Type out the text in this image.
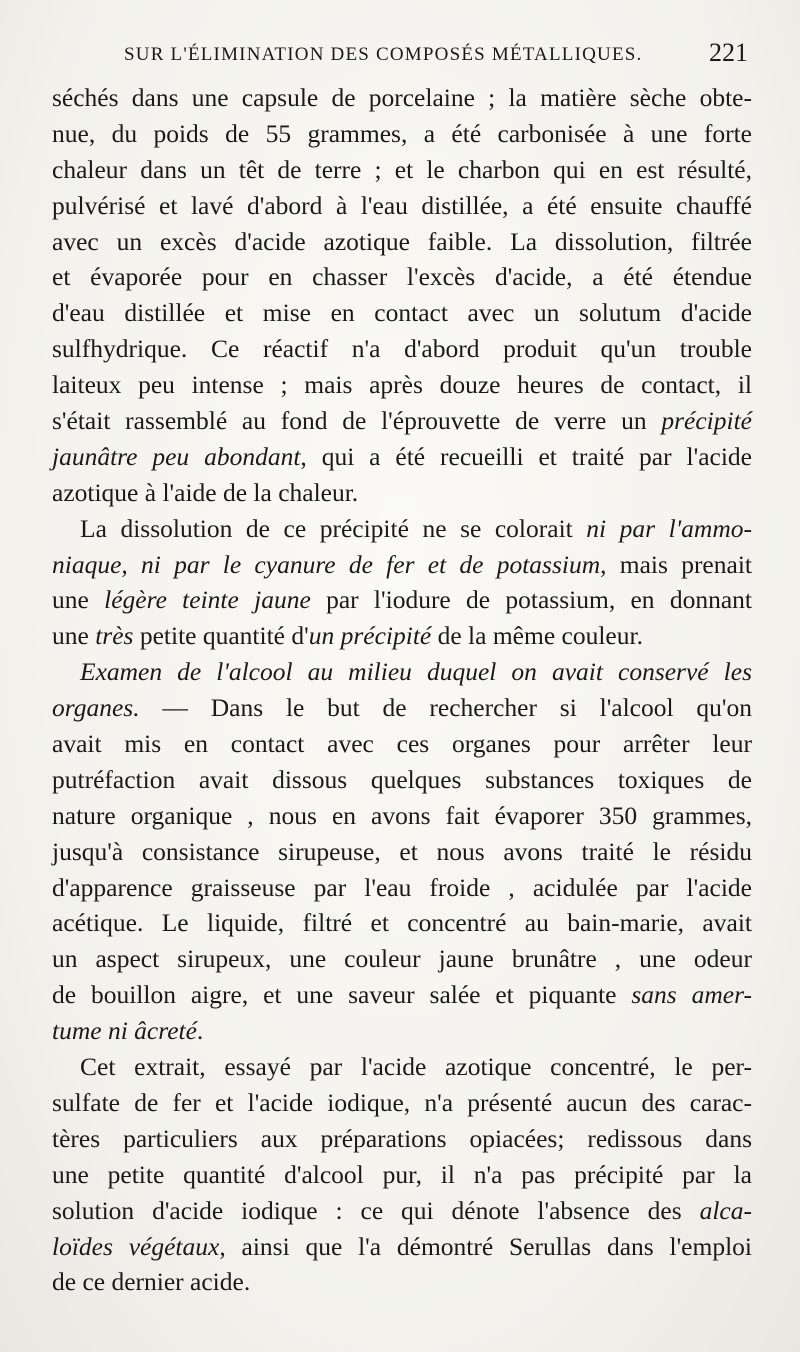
SUR L'ÉLIMINATION DES COMPOSÉS MÉTALLIQUES.	221
séchés dans une capsule de porcelaine ; la matière sèche obte-
nue, du poids de 55 grammes, a été carbonisée à une forte
chaleur dans un têt de terre ; et le charbon qui en est résulté,
pulvérisé et lavé d'abord à l'eau distillée, a été ensuite chauffé
avec un excès d'acide azotique faible. La dissolution, filtrée
et évaporée pour en chasser l'excès d'acide, a été étendue
d'eau distillée et mise en contact avec un solutum d'acide
sulfhydrique. Ce réactif n'a d'abord produit qu'un trouble
laiteux peu intense ; mais après douze heures de contact, il
s'était rassemblé au fond de l'éprouvette de verre un précipité
jaunâtre peu abondant, qui a été recueilli et traité par l'acide
azotique à l'aide de la chaleur.
La dissolution de ce précipité ne se colorait ni par l'ammo-
niaque, ni par le cyanure de fer et de potassium, mais prenait
une légère teinte jaune par l'iodure de potassium, en donnant
une très petite quantité d'un précipité de la même couleur.
Examen de l'alcool au milieu duquel on avait conservé les
organes. — Dans le but de rechercher si l'alcool qu'on
avait mis en contact avec ces organes pour arrêter leur
putréfaction avait dissous quelques substances toxiques de
nature organique , nous en avons fait évaporer 350 grammes,
jusqu'à consistance sirupeuse, et nous avons traité le résidu
d'apparence graisseuse par l'eau froide , acidulée par l'acide
acétique. Le liquide, filtré et concentré au bain-marie, avait
un aspect sirupeux, une couleur jaune brunâtre , une odeur
de bouillon aigre, et une saveur salée et piquante sans amer-
tume ni âcreté.
Cet extrait, essayé par l'acide azotique concentré, le per-
sulfate de fer et l'acide iodique, n'a présenté aucun des carac-
tères particuliers aux préparations opiacées; redissous dans
une petite quantité d'alcool pur, il n'a pas précipité par la
solution d'acide iodique : ce qui dénote l'absence des alca-
loïdes végétaux, ainsi que l'a démontré Serullas dans l'emploi
de ce dernier acide.
